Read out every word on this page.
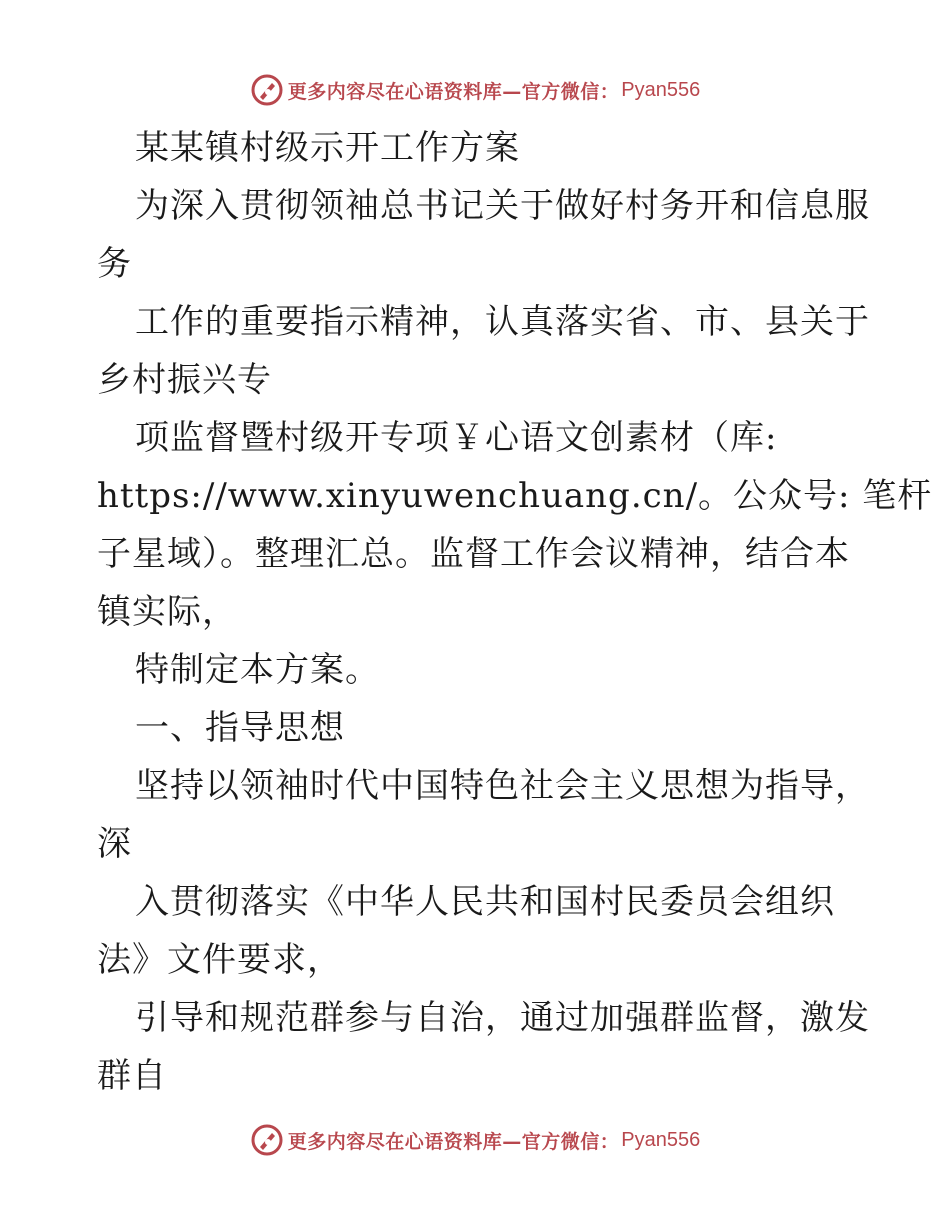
更多内容尽在心语资料库—官方微信： Pyan556
某某镇村级示开工作方案
为深入贯彻领袖总书记关于做好村务开和信息服
务
工作的重要指示精神，认真落实省、市、县关于
乡村振兴专
项监督暨村级开专项￥心语文创素材（库:
https://www.xinyuwenchuang.cn/。公众号: 笔杆
子星域）。整理汇总。监督工作会议精神，结合本
镇实际，
特制定本方案。
一、指导思想
坚持以领袖时代中国特色社会主义思想为指导，
深
入贯彻落实《中华人民共和国村民委员会组织
法》文件要求，
引导和规范群参与自治，通过加强群监督，激发
群自
更多内容尽在心语资料库—官方微信： Pyan556
